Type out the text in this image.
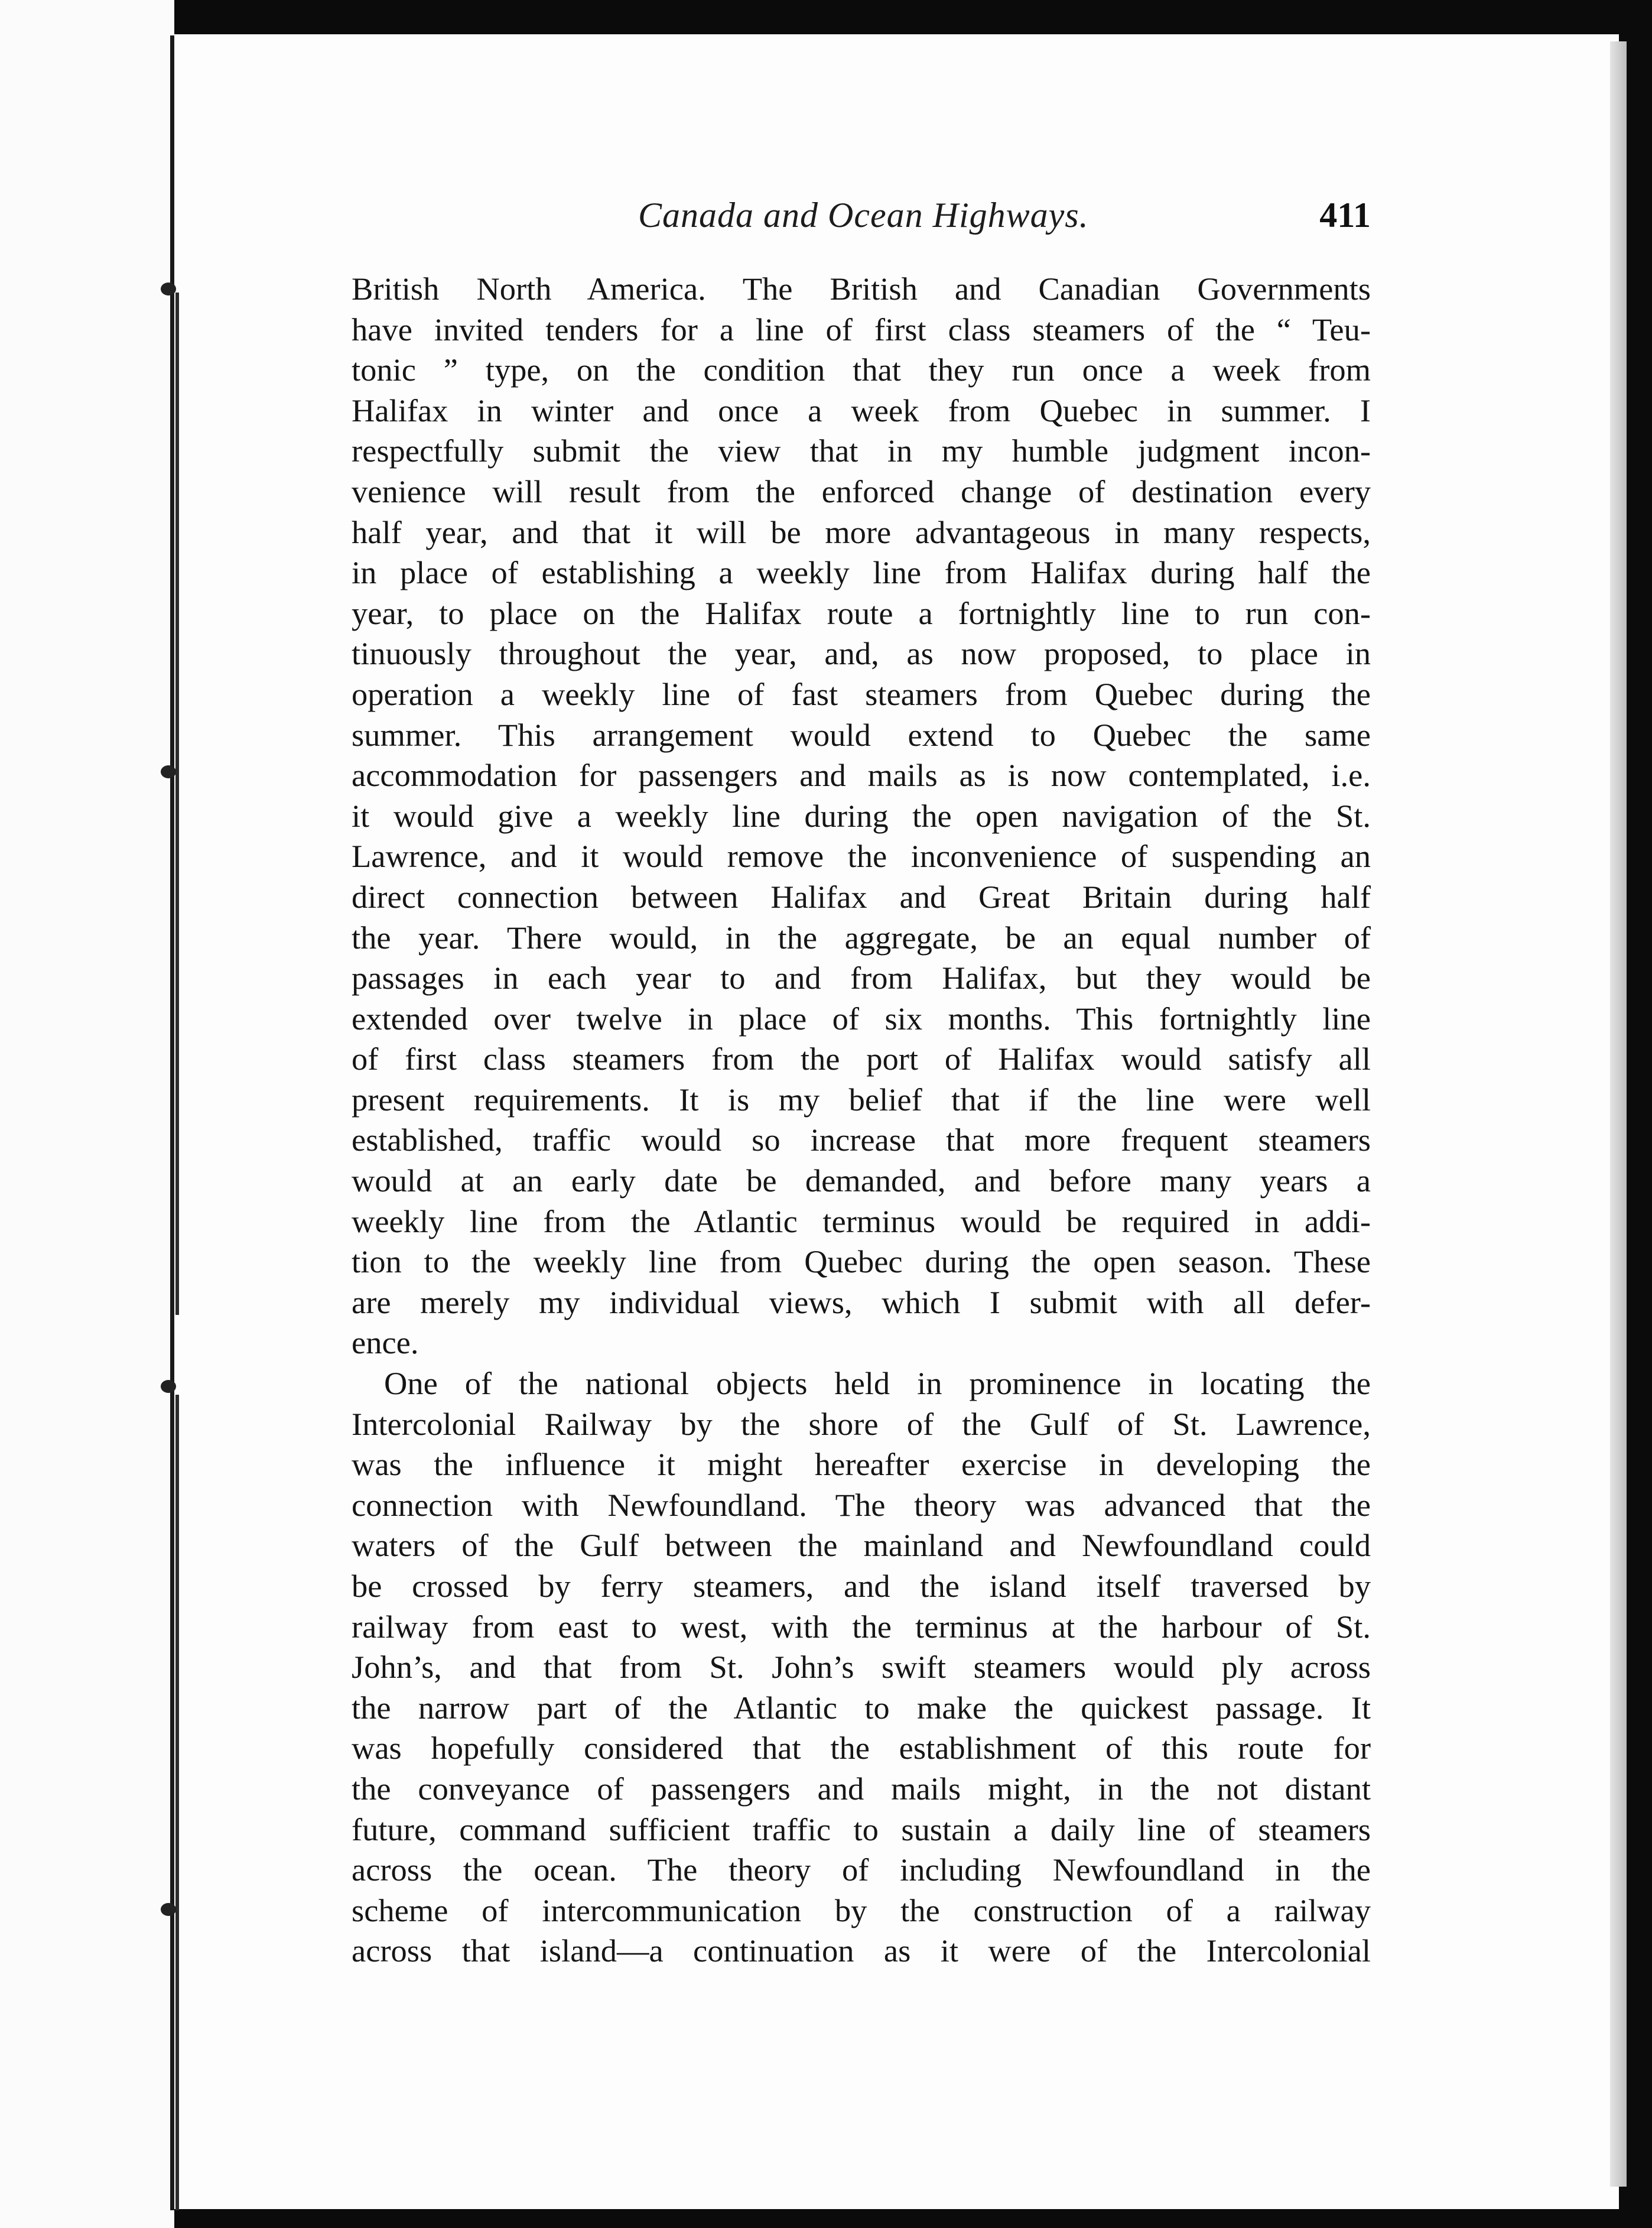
Canada and Ocean Highways.	411
British North America. The British and Canadian Governments
have invited tenders for a line of first class steamers of the “ Teu-
tonic ” type, on the condition that they run once a week from
Halifax in winter and once a week from Quebec in summer. I
respectfully submit the view that in my humble judgment incon-
venience will result from the enforced change of destination every
half year, and that it will be more advantageous in many respects,
in place of establishing a weekly line from Halifax during half the
year, to place on the Halifax route a fortnightly line to run con-
tinuously throughout the year, and, as now proposed, to place in
operation a weekly line of fast steamers from Quebec during the
summer. This arrangement would extend to Quebec the same
accommodation for passengers and mails as is now contemplated, i.e.
it would give a weekly line during the open navigation of the St.
Lawrence, and it would remove the inconvenience of suspending an
direct connection between Halifax and Great Britain during half
the year. There would, in the aggregate, be an equal number of
passages in each year to and from Halifax, but they would be
extended over twelve in place of six months. This fortnightly line
of first class steamers from the port of Halifax would satisfy all
present requirements. It is my belief that if the line were well
established, traffic would so increase that more frequent steamers
would at an early date be demanded, and before many years a
weekly line from the Atlantic terminus would be required in addi-
tion to the weekly line from Quebec during the open season. These
are merely my individual views, which I submit with all defer-
ence.
One of the national objects held in prominence in locating the
Intercolonial Railway by the shore of the Gulf of St. Lawrence,
was the influence it might hereafter exercise in developing the
connection with Newfoundland. The theory was advanced that the
waters of the Gulf between the mainland and Newfoundland could
be crossed by ferry steamers, and the island itself traversed by
railway from east to west, with the terminus at the harbour of St.
John’s, and that from St. John’s swift steamers would ply across
the narrow part of the Atlantic to make the quickest passage. It
was hopefully considered that the establishment of this route for
the conveyance of passengers and mails might, in the not distant
future, command sufficient traffic to sustain a daily line of steamers
across the ocean. The theory of including Newfoundland in the
scheme of intercommunication by the construction of a railway
across that island—a continuation as it were of the Intercolonial
